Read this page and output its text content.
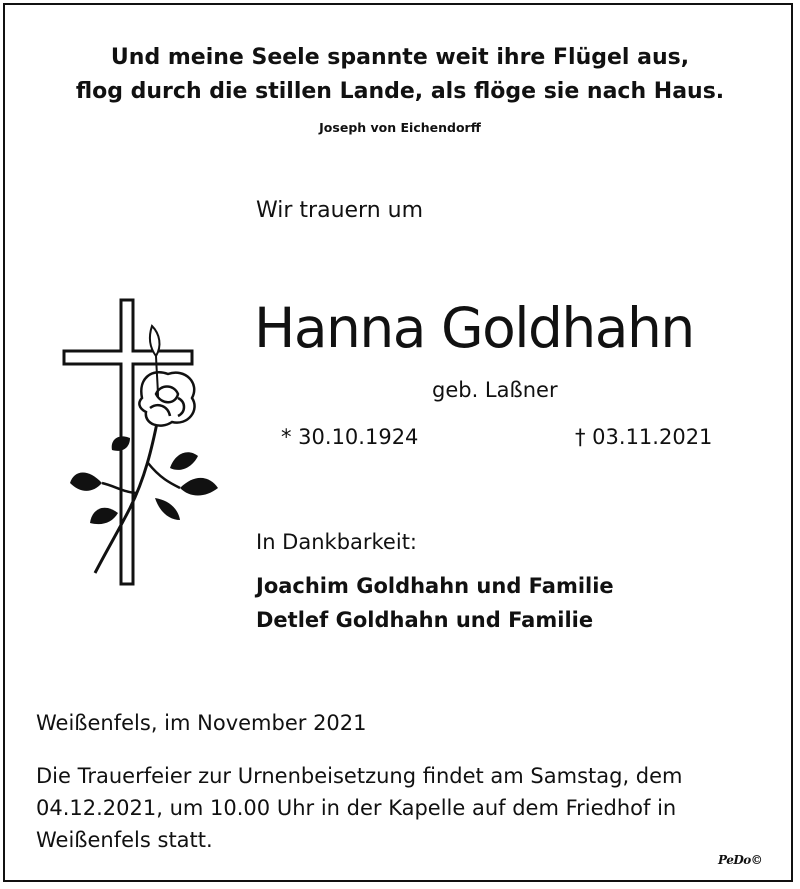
Und meine Seele spannte weit ihre Flügel aus,
flog durch die stillen Lande, als flöge sie nach Haus.
Joseph von Eichendorff
Wir trauern um
Hanna Goldhahn
geb. Laßner
* 30.10.1924	† 03.11.2021
In Dankbarkeit:
Joachim Goldhahn und Familie
Detlef Goldhahn und Familie
Weißenfels, im November 2021
Die Trauerfeier zur Urnenbeisetzung findet am Samstag, dem
04.12.2021, um 10.00 Uhr in der Kapelle auf dem Friedhof in
Weißenfels statt.
PeDo©
